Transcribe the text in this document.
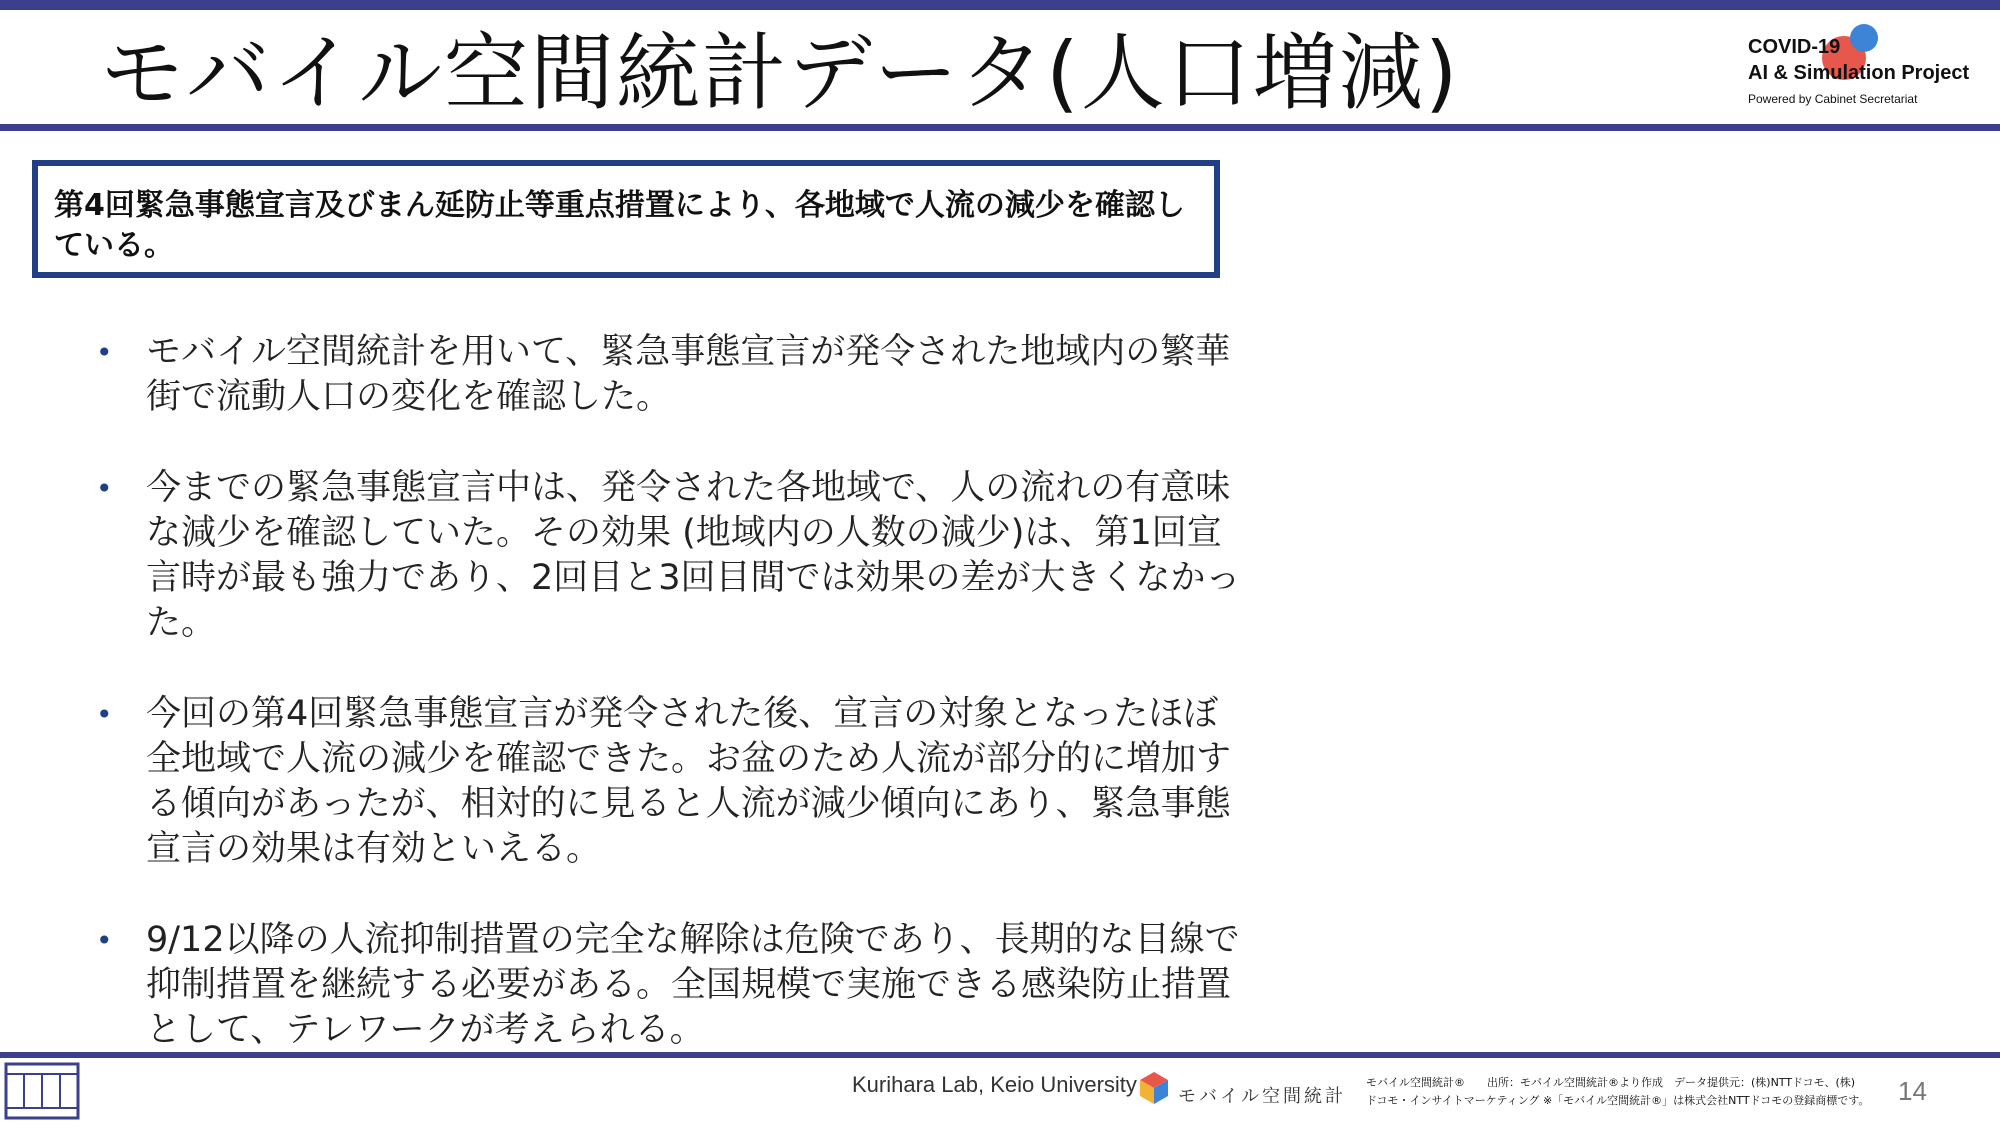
モバイル空間統計データ(人口増減)	COVID-19
AI & Simulation Project
Powered by Cabinet Secretariat
第4回緊急事態宣言及びまん延防止等重点措置により、各地域で人流の減少を確認している。
• モバイル空間統計を用いて、緊急事態宣言が発令された地域内の繁華街で流動人口の変化を確認した。
• 今までの緊急事態宣言中は、発令された各地域で、人の流れの有意味な減少を確認していた。その効果 (地域内の人数の減少)は、第1回宣言時が最も強力であり、2回目と3回目間では効果の差が大きくなかった。
• 今回の第4回緊急事態宣言が発令された後、宣言の対象となったほぼ全地域で人流の減少を確認できた。お盆のため人流が部分的に増加する傾向があったが、相対的に見ると人流が減少傾向にあり、緊急事態宣言の効果は有効といえる。
• 9/12以降の人流抑制措置の完全な解除は危険であり、長期的な目線で抑制措置を継続する必要がある。全国規模で実施できる感染防止措置として、テレワークが考えられる。
Kurihara Lab, Keio University モバイル空間統計
モバイル空間統計®　　出所：モバイル空間統計®より作成　データ提供元：(株)NTTドコモ、(株)
ドコモ・インサイトマーケティング ※「モバイル空間統計®」は株式会社NTTドコモの登録商標です。 14
